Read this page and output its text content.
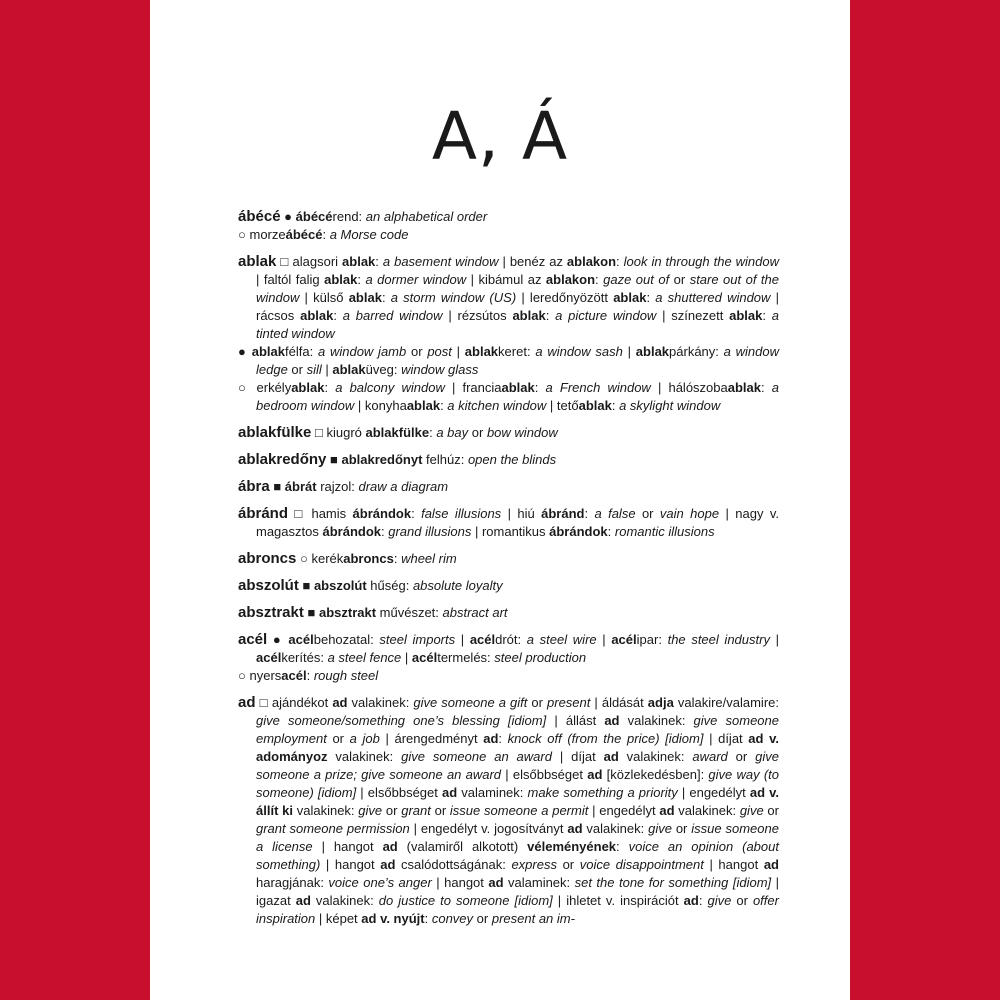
A, Á
ábécé ● ábécérend: an alphabetical order
○ morzeábécé: a Morse code
ablak □ alagsori ablak: a basement window | benéz az ablakon: look in through the window | faltól falig ablak: a dormer window | kibámul az ablakon: gaze out of or stare out of the window | külső ablak: a storm window (US) | leredőnyözött ablak: a shuttered window | rácsos ablak: a barred window | rézsútos ablak: a picture window | színezett ablak: a tinted window
● ablakfélfa: a window jamb or post | ablakkeret: a window sash | ablakpárkány: a window ledge or sill | ablaküveg: window glass
○ erkélyablak: a balcony window | franciaablak: a French window | hálószobaablak: a bedroom window | konyhaablak: a kitchen window | tetőablak: a skylight window
ablakfülke □ kiugró ablakfülke: a bay or bow window
ablakredőny ■ ablakredőnyt felhúz: open the blinds
ábra ■ ábrát rajzol: draw a diagram
ábránd □ hamis ábrándok: false illusions | hiú ábránd: a false or vain hope | nagy v. magasztos ábrándok: grand illusions | romantikus ábrándok: romantic illusions
abroncs ○ kerékabroncs: wheel rim
abszolút ■ abszolút hűség: absolute loyalty
absztrakt ■ absztrakt művészet: abstract art
acél ● acélbehozatal: steel imports | acéldrót: a steel wire | acélipar: the steel industry | acélkerítés: a steel fence | acéltermelés: steel production
○ nyersacél: rough steel
ad □ ajándékot ad valakinek: give someone a gift or present | áldását adja valakire/valamire: give someone/something one’s blessing [idiom] | állást ad valakinek: give someone employment or a job | árengedményt ad: knock off (from the price) [idiom] | díjat ad v. adományoz valakinek: give someone an award | díjat ad valakinek: award or give someone a prize; give someone an award | elsőbbséget ad [közlekedésben]: give way (to someone) [idiom] | elsőbbséget ad valaminek: make something a priority | engedélyt ad v. állít ki valakinek: give or grant or issue someone a permit | engedélyt ad valakinek: give or grant someone permission | engedélyt v. jogosítványt ad valakinek: give or issue someone a license | hangot ad (valamiről alkotott) véleményének: voice an opinion (about something) | hangot ad csalódottságának: express or voice disappointment | hangot ad haragjának: voice one’s anger | hangot ad valaminek: set the tone for something [idiom] | igazat ad valakinek: do justice to someone [idiom] | ihletet v. inspirációt ad: give or offer inspiration | képet ad v. nyújt: convey or present an im-
